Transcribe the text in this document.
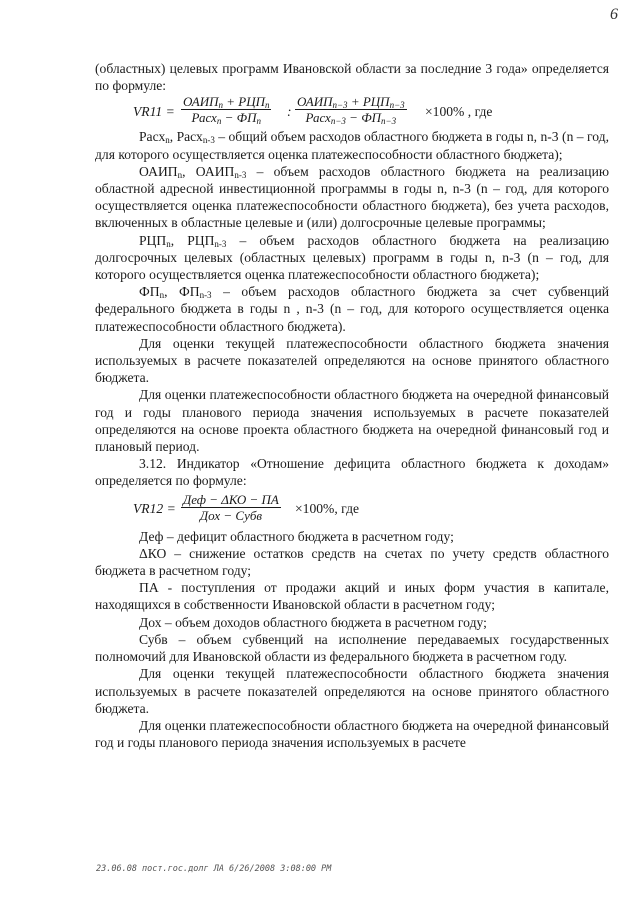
6

(областных) целевых программ Ивановской области за последние 3 года» определяется по формуле:

VR11 =
$ОАИП_n + РЦП_n$
Расх$_n$ − $ФП_n$
:
$ОАИП_{n-3} + РЦП_{n-3}$
Расх$_{n-3}$ − $ФП_{n-3}$
×100% , где

Расх$_n$, Расх$_{n-3}$ – общий объем расходов областного бюджета в годы n, n-3 (n – год, для которого осуществляется оценка платежеспособности областного бюджета);

$ОАИП_n$, $ОАИП_{n-3}$ – объем расходов областного бюджета на реализацию областной адресной инвестиционной программы в годы n, n-3 (n – год, для которого осуществляется оценка платежеспособности областного бюджета), без учета расходов, включенных в областные целевые и (или) долгосрочные целевые программы;

$РЦП_n$, $РЦП_{n-3}$ – объем расходов областного бюджета на реализацию долгосрочных целевых (областных целевых) программ в годы n, n-3 (n – год, для которого осуществляется оценка платежеспособности областного бюджета);

$ФП_n$, $ФП_{n-3}$ – объем расходов областного бюджета за счет субвенций федерального бюджета в годы n , n-3 (n – год, для которого осуществляется оценка платежеспособности областного бюджета).

Для оценки текущей платежеспособности областного бюджета значения используемых в расчете показателей определяются на основе принятого областного бюджета.

Для оценки платежеспособности областного бюджета на очередной финансовый год и годы планового периода значения используемых в расчете показателей определяются на основе проекта областного бюджета на очередной финансовый год и плановый период.

3.12. Индикатор «Отношение дефицита областного бюджета к доходам» определяется по формуле:

VR12 =
Деф − ΔКО − ПА
Дох − Субв	×100%, где

Деф – дефицит областного бюджета в расчетном году;

ΔКО – снижение остатков средств на счетах по учету средств областного бюджета в расчетном году;

ПА - поступления от продажи акций и иных форм участия в капитале, находящихся в собственности Ивановской области в расчетном году;

Дох – объем доходов областного бюджета в расчетном году;

Субв – объем субвенций на исполнение передаваемых государственных полномочий для Ивановской области из федерального бюджета в расчетном году.

Для оценки текущей платежеспособности областного бюджета значения используемых в расчете показателей определяются на основе принятого областного бюджета.

Для оценки платежеспособности областного бюджета на очередной финансовый год и годы планового периода значения используемых в расчете

23.06.08 пост.гос.долг ЛА 6/26/2008 3:08:00 PM
